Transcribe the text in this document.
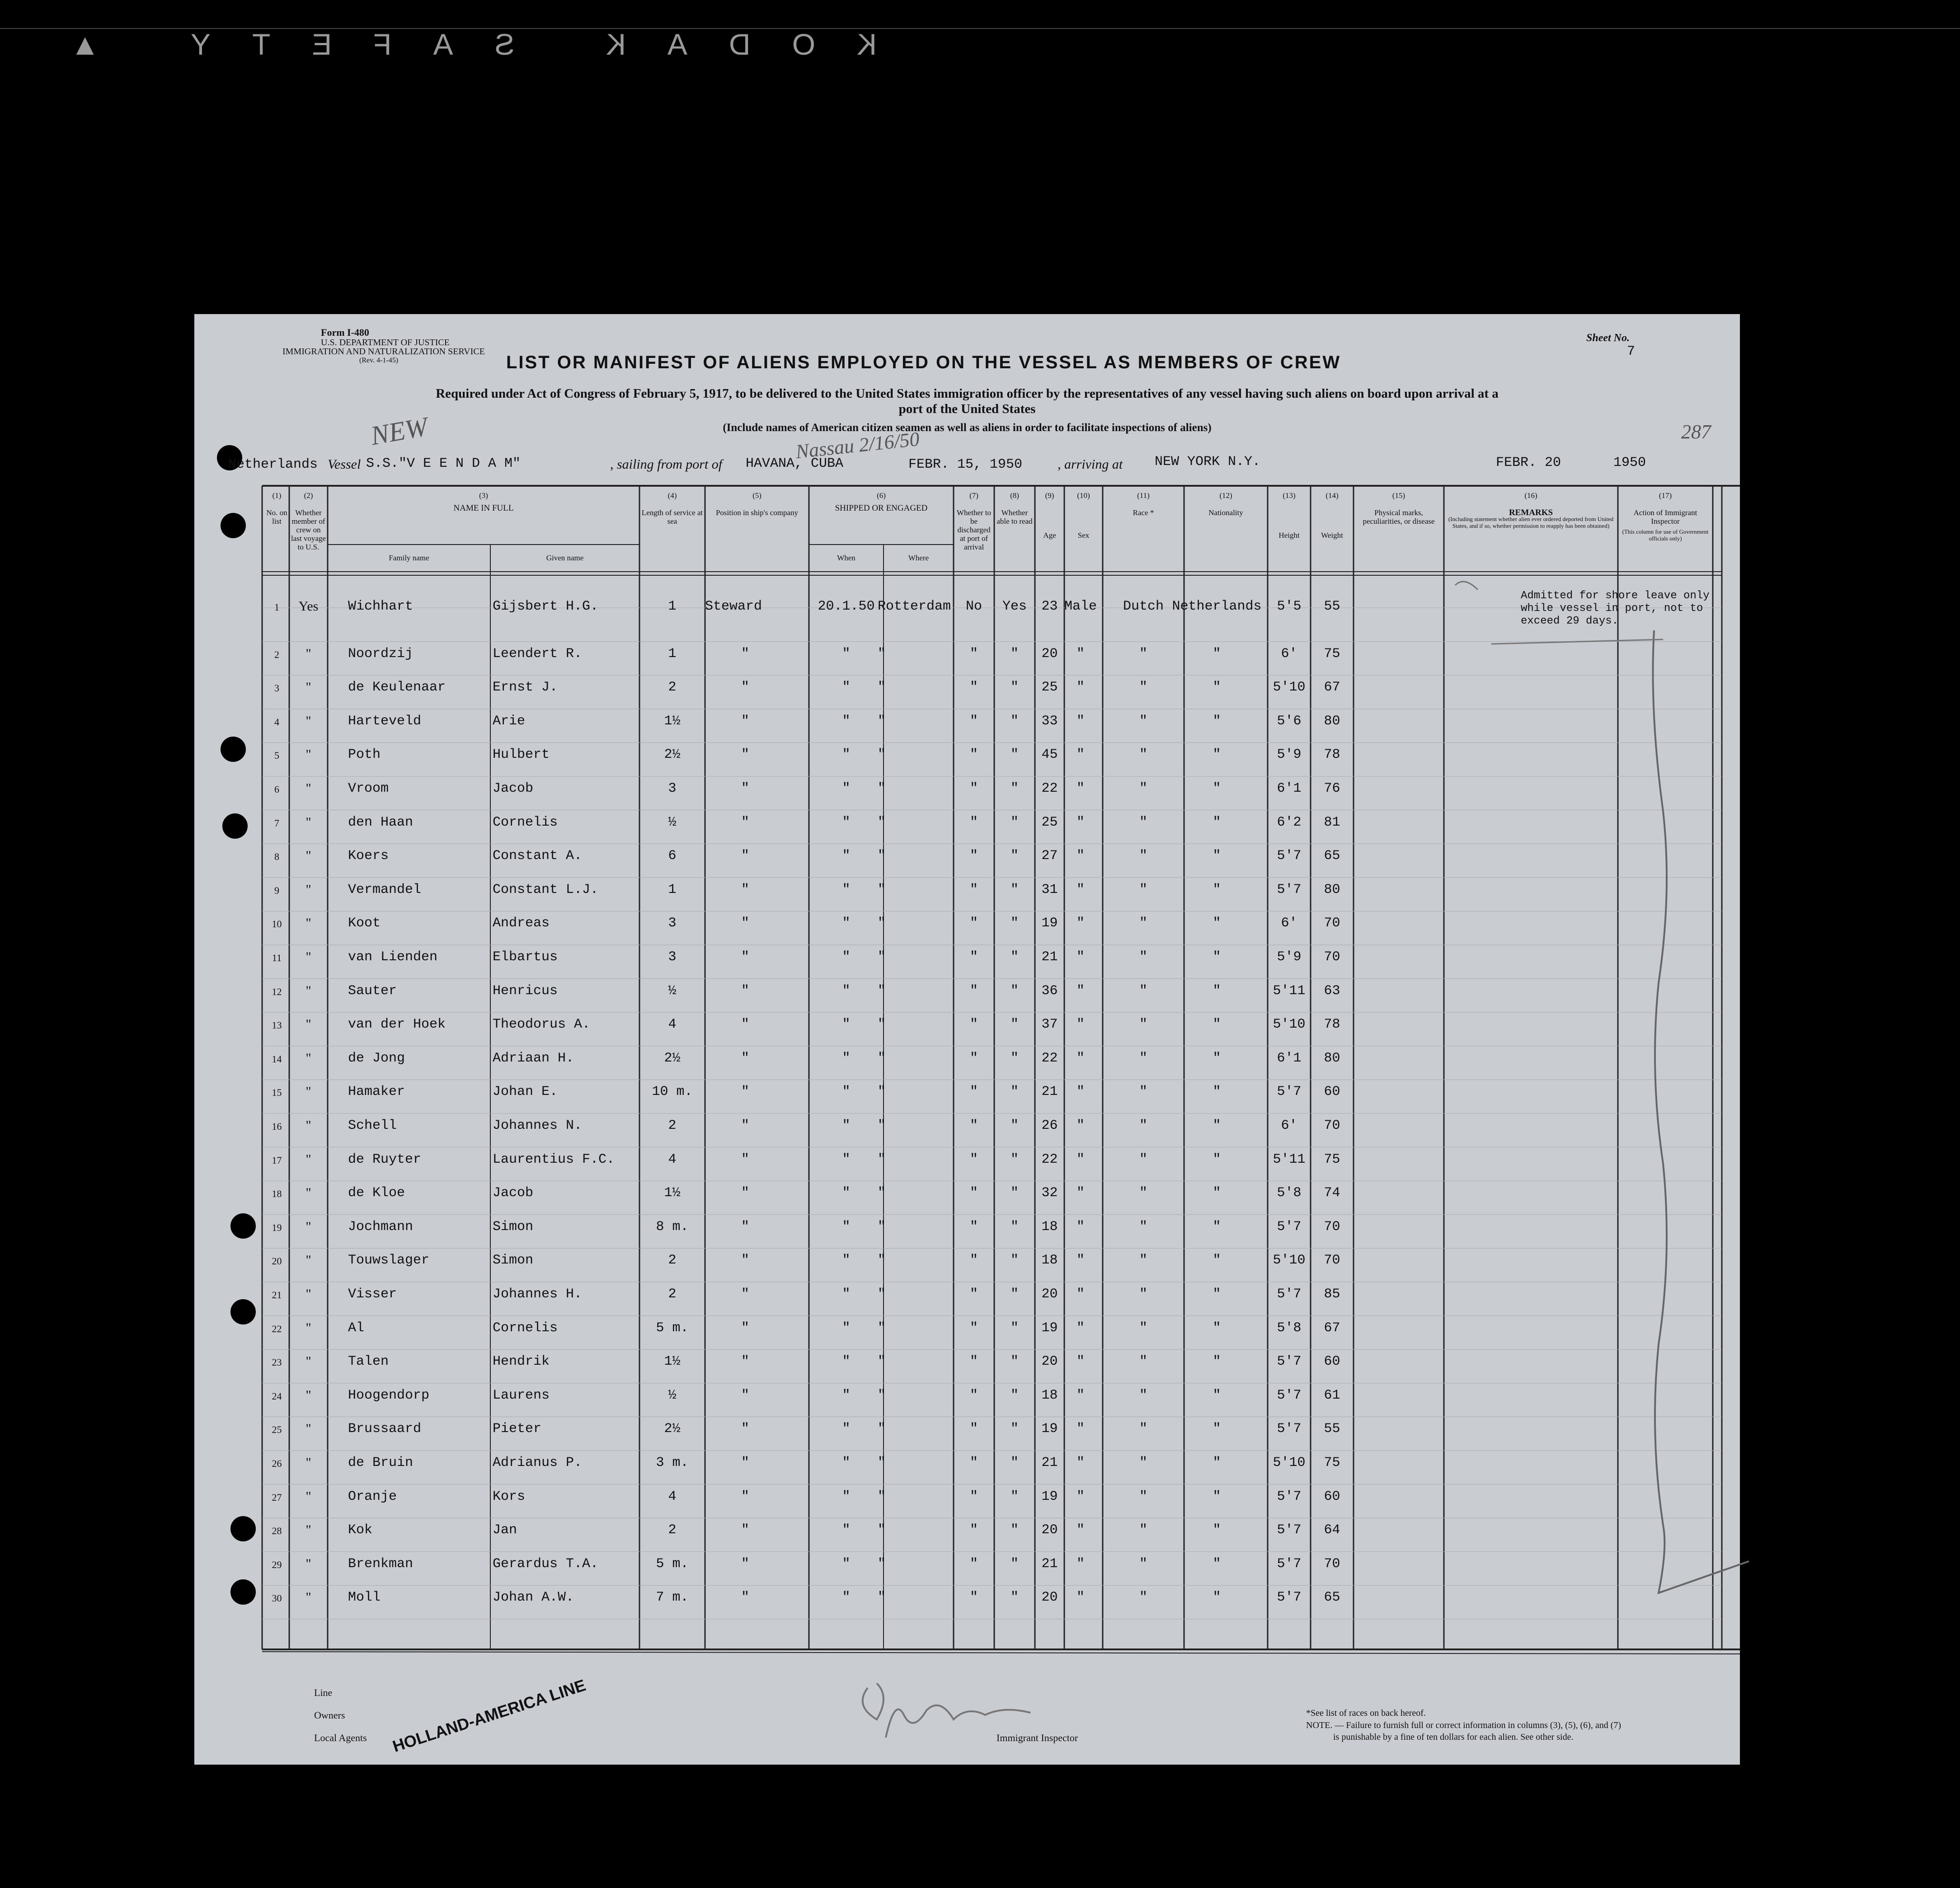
KODAK SAFETY ▲
Form I-480
U.S. DEPARTMENT OF JUSTICE
IMMIGRATION AND NATURALIZATION SERVICE
(Rev. 4-1-45)
Sheet No.
7
287
LIST OR MANIFEST OF ALIENS EMPLOYED ON THE VESSEL AS MEMBERS OF CREW
Required under Act of Congress of February 5, 1917, to be delivered to the United States immigration officer by the representatives of any vessel having such aliens on board upon arrival at a
port of the United States
(Include names of American citizen seamen as well as aliens in order to facilitate inspections of aliens)
Netherlands Vessel S.S."V E E N D A M"	, sailing from port of HAVANA, CUBA	FEBR. 15, 1950	, arriving at NEW YORK N.Y.	FEBR. 20	1950
NEW	Nassau 2/16/50
(1)
No. on list
(2)
Whether member of crew on last voyage to U.S.
(3)
NAME IN FULL
Family name	Given name
(4)
Length of service at sea
(5)
Position in ship's company
(6)
SHIPPED OR ENGAGED
When	Where
(7)
Whether to be discharged at port of arrival
(8)
Whether able to read
(9)
Age
(10)
Sex
(11)
Race *
(12)
Nationality
(13)
Height
(14)
Weight
(15)
Physical marks, peculiarities, or disease
(16)
REMARKS
(Including statement whether alien ever ordered deported from United States, and if so, whether permission to reapply has been obtained)
(17)
Action of Immigrant Inspector
(This column for use of Government officials only)
1	Yes	Wichhart	Gijsbert H.G.	1	Steward	20.1.50 Rotterdam	No	Yes	23 Male	Dutch Netherlands	5'5	55
2	"	Noordzij	Leendert R.	1	"	"	"	"	"	20	"	"	"	6'	75
3	"	de Keulenaar	Ernst J.	2	"	"	"	"	"	25	"	"	"	5'10	67
4	"	Harteveld	Arie	1½	"	"	"	"	"	33	"	"	"	5'6	80
5	"	Poth	Hulbert	2½	"	"	"	"	"	45	"	"	"	5'9	78
6	"	Vroom	Jacob	3	"	"	"	"	"	22	"	"	"	6'1	76
7	"	den Haan	Cornelis	½	"	"	"	"	"	25	"	"	"	6'2	81
8	"	Koers	Constant A.	6	"	"	"	"	"	27	"	"	"	5'7	65
9	"	Vermandel	Constant L.J.	1	"	"	"	"	"	31	"	"	"	5'7	80
10	"	Koot	Andreas	3	"	"	"	"	"	19	"	"	"	6'	70
11	"	van Lienden	Elbartus	3	"	"	"	"	"	21	"	"	"	5'9	70
12	"	Sauter	Henricus	½	"	"	"	"	"	36	"	"	"	5'11	63
13	"	van der Hoek	Theodorus A.	4	"	"	"	"	"	37	"	"	"	5'10	78
14	"	de Jong	Adriaan H.	2½	"	"	"	"	"	22	"	"	"	6'1	80
15	"	Hamaker	Johan E.	10 m.	"	"	"	"	"	21	"	"	"	5'7	60
16	"	Schell	Johannes N.	2	"	"	"	"	"	26	"	"	"	6'	70
17	"	de Ruyter	Laurentius F.C.	4	"	"	"	"	"	22	"	"	"	5'11	75
18	"	de Kloe	Jacob	1½	"	"	"	"	"	32	"	"	"	5'8	74
19	"	Jochmann	Simon	8 m.	"	"	"	"	"	18	"	"	"	5'7	70
20	"	Touwslager	Simon	2	"	"	"	"	"	18	"	"	"	5'10	70
21	"	Visser	Johannes H.	2	"	"	"	"	"	20	"	"	"	5'7	85
22	"	Al	Cornelis	5 m.	"	"	"	"	"	19	"	"	"	5'8	67
23	"	Talen	Hendrik	1½	"	"	"	"	"	20	"	"	"	5'7	60
24	"	Hoogendorp	Laurens	½	"	"	"	"	"	18	"	"	"	5'7	61
25	"	Brussaard	Pieter	2½	"	"	"	"	"	19	"	"	"	5'7	55
26	"	de Bruin	Adrianus P.	3 m.	"	"	"	"	"	21	"	"	"	5'10	75
27	"	Oranje	Kors	4	"	"	"	"	"	19	"	"	"	5'7	60
28	"	Kok	Jan	2	"	"	"	"	"	20	"	"	"	5'7	64
29	"	Brenkman	Gerardus T.A.	5 m.	"	"	"	"	"	21	"	"	"	5'7	70
30	"	Moll	Johan A.W.	7 m.	"	"	"	"	"	20	"	"	"	5'7	65
Admitted for shore leave only while vessel in port, not to exceed 29 days.
Line
Owners
Local Agents HOLLAND-AMERICA LINE	Immigrant Inspector
*See list of races on back hereof.
NOTE. — Failure to furnish full or correct information in columns (3), (5), (6), and (7)
is punishable by a fine of ten dollars for each alien. See other side.
